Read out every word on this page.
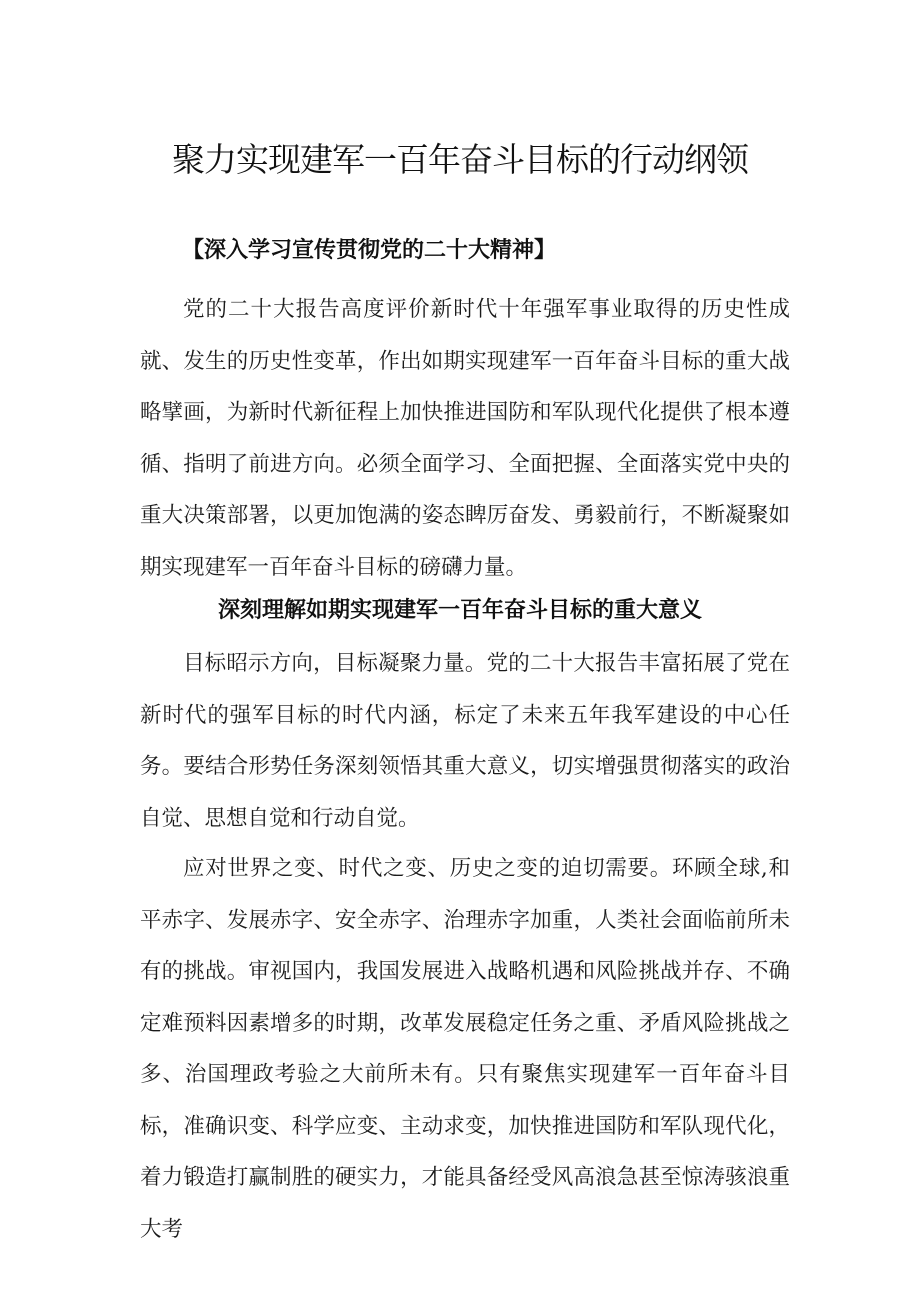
聚力实现建军一百年奋斗目标的行动纲领
【深入学习宣传贯彻党的二十大精神】

党的二十大报告高度评价新时代十年强军事业取得的历史性成就、发生的历史性变革，作出如期实现建军一百年奋斗目标的重大战略擘画，为新时代新征程上加快推进国防和军队现代化提供了根本遵循、指明了前进方向。必须全面学习、全面把握、全面落实党中央的重大决策部署，以更加饱满的姿态睥厉奋发、勇毅前行，不断凝聚如期实现建军一百年奋斗目标的磅礴力量。

深刻理解如期实现建军一百年奋斗目标的重大意义

目标昭示方向，目标凝聚力量。党的二十大报告丰富拓展了党在新时代的强军目标的时代内涵，标定了未来五年我军建设的中心任务。要结合形势任务深刻领悟其重大意义，切实增强贯彻落实的政治自觉、思想自觉和行动自觉。

应对世界之变、时代之变、历史之变的迫切需要。环顾全球,和平赤字、发展赤字、安全赤字、治理赤字加重，人类社会面临前所未有的挑战。审视国内，我国发展进入战略机遇和风险挑战并存、不确定难预料因素增多的时期，改革发展稳定任务之重、矛盾风险挑战之多、治国理政考验之大前所未有。只有聚焦实现建军一百年奋斗目标，准确识变、科学应变、主动求变，加快推进国防和军队现代化，着力锻造打赢制胜的硬实力，才能具备经受风高浪急甚至惊涛骇浪重大考
